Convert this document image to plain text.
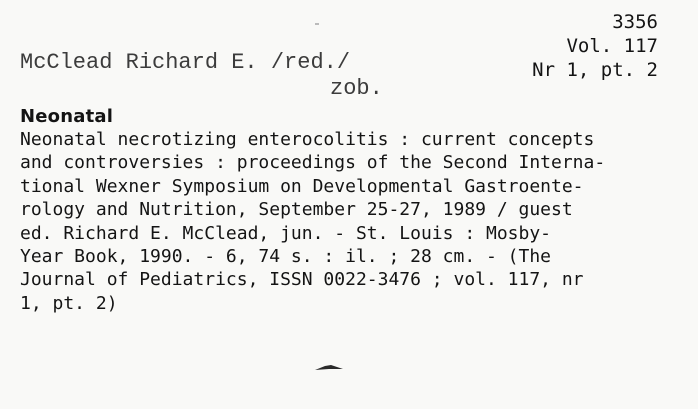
3356
Vol. 117
Nr 1, pt. 2
McClead Richard E. /red./
zob.
Neonatal
Neonatal necrotizing enterocolitis : current concepts
and controversies : proceedings of the Second Interna-
tional Wexner Symposium on Developmental Gastroente-
rology and Nutrition, September 25-27, 1989 / guest
ed. Richard E. McClead, jun. - St. Louis : Mosby-
Year Book, 1990. - 6, 74 s. : il. ; 28 cm. - (The
Journal of Pediatrics, ISSN 0022-3476 ; vol. 117, nr
1, pt. 2)
